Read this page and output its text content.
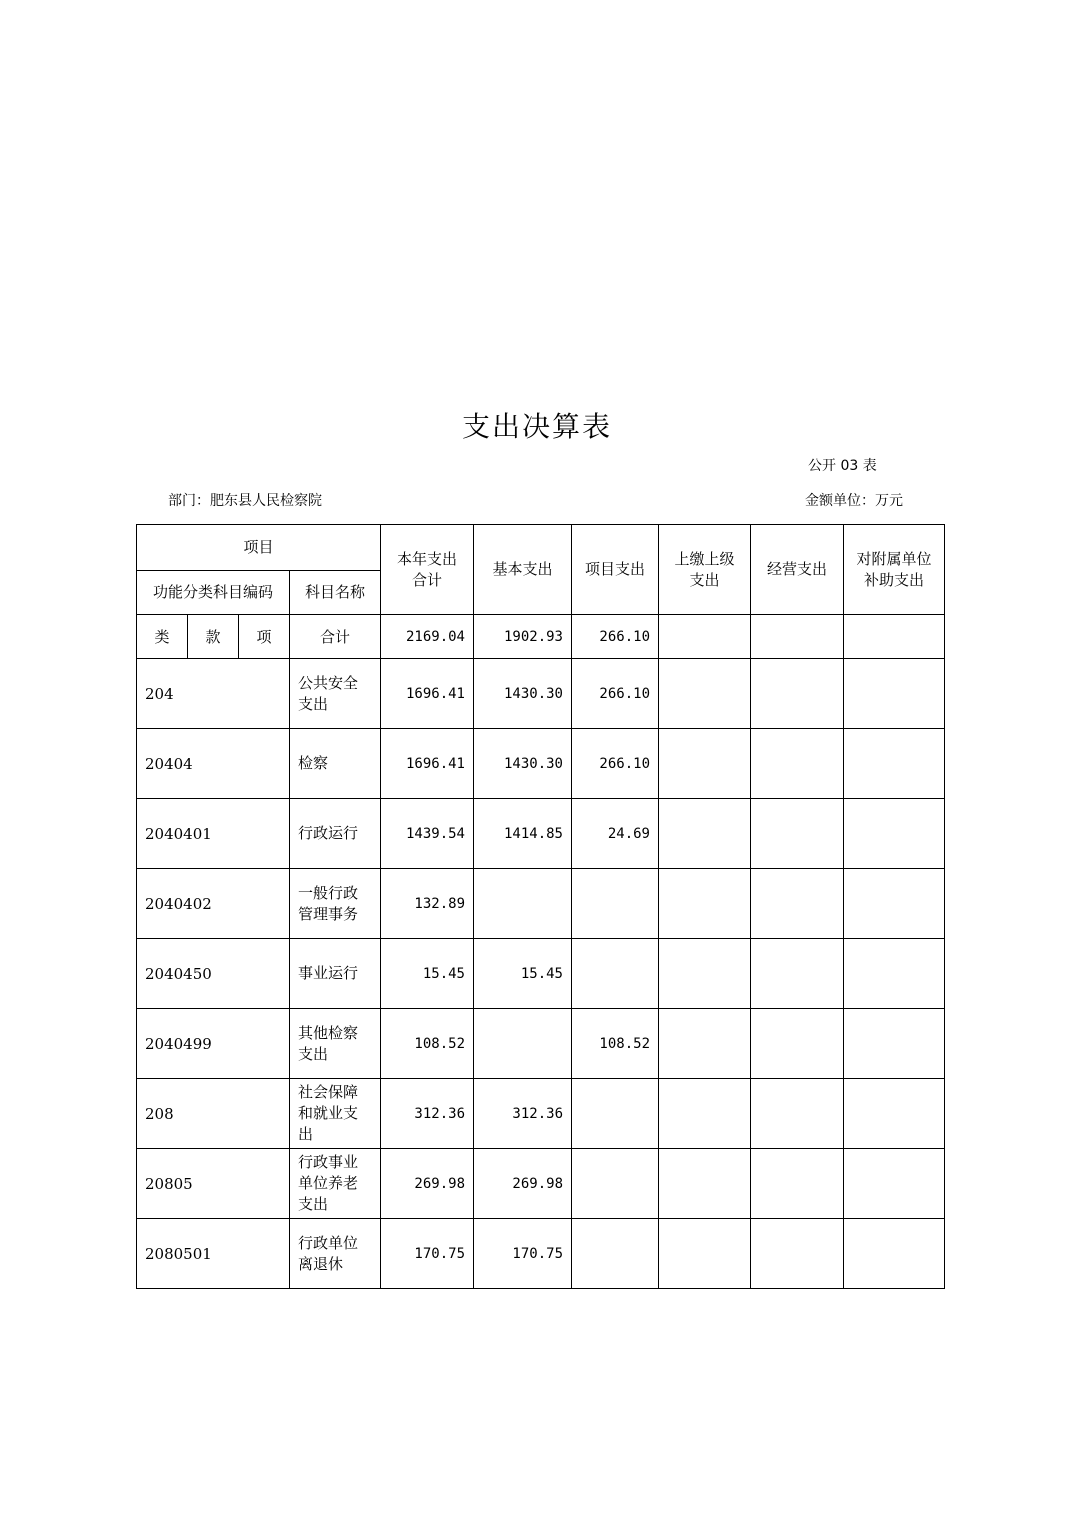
支出决算表
公开 03 表
部门：肥东县人民检察院	金额单位：万元
项目				本年支出合计	基本支出	项目支出	上缴上级支出	经营支出	对附属单位补助支出

功能分类科目编码			科目名称						
类	款	项	合计	2169.04	1902.93	266.10			
204			公共安全支出	1696.41	1430.30	266.10			
20404			检察	1696.41	1430.30	266.10			
2040401			行政运行	1439.54	1414.85	24.69			
2040402			一般行政管理事务	132.89					
2040450			事业运行	15.45	15.45				
2040499			其他检察支出	108.52		108.52			
208			社会保障和就业支出	312.36	312.36				
20805			行政事业单位养老支出	269.98	269.98				
2080501			行政单位离退休	170.75	170.75				
